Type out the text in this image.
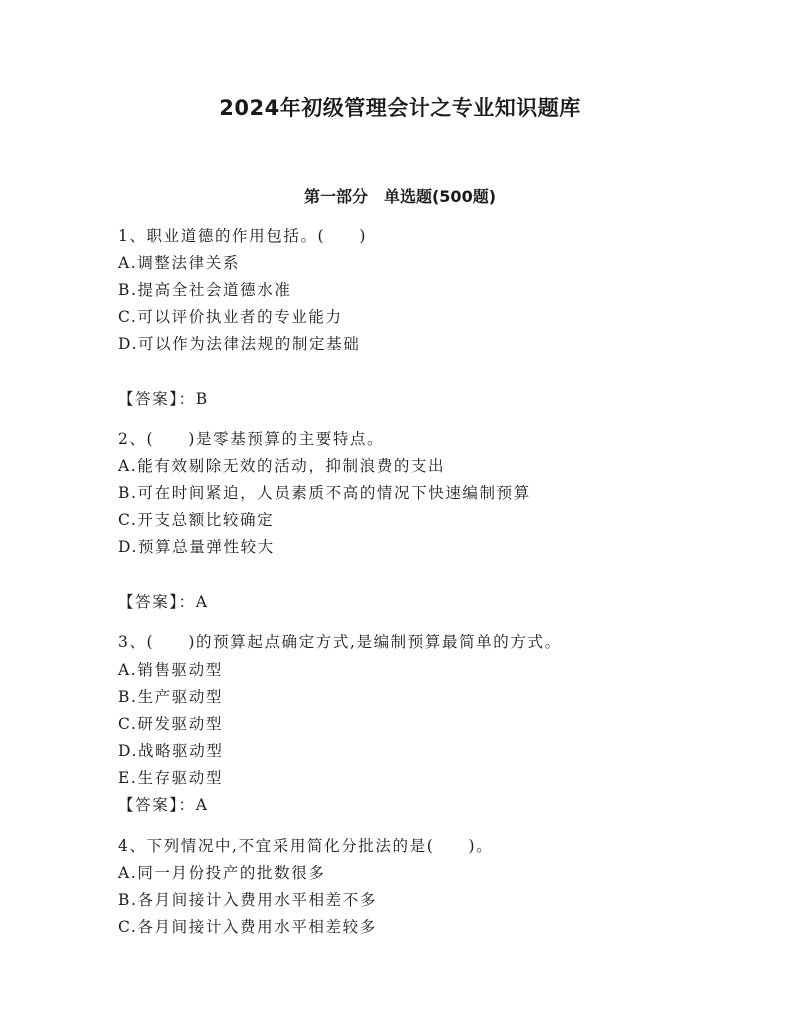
2024年初级管理会计之专业知识题库
第一部分　单选题(500题)
1、职业道德的作用包括。(　　)
A.调整法律关系
B.提高全社会道德水准
C.可以评价执业者的专业能力
D.可以作为法律法规的制定基础
【答案】：B
2、(　　)是零基预算的主要特点。
A.能有效剔除无效的活动，抑制浪费的支出
B.可在时间紧迫，人员素质不高的情况下快速编制预算
C.开支总额比较确定
D.预算总量弹性较大
【答案】：A
3、(　　)的预算起点确定方式,是编制预算最简单的方式。
A.销售驱动型
B.生产驱动型
C.研发驱动型
D.战略驱动型
E.生存驱动型
【答案】：A
4、下列情况中,不宜采用简化分批法的是(　　)。
A.同一月份投产的批数很多
B.各月间接计入费用水平相差不多
C.各月间接计入费用水平相差较多
